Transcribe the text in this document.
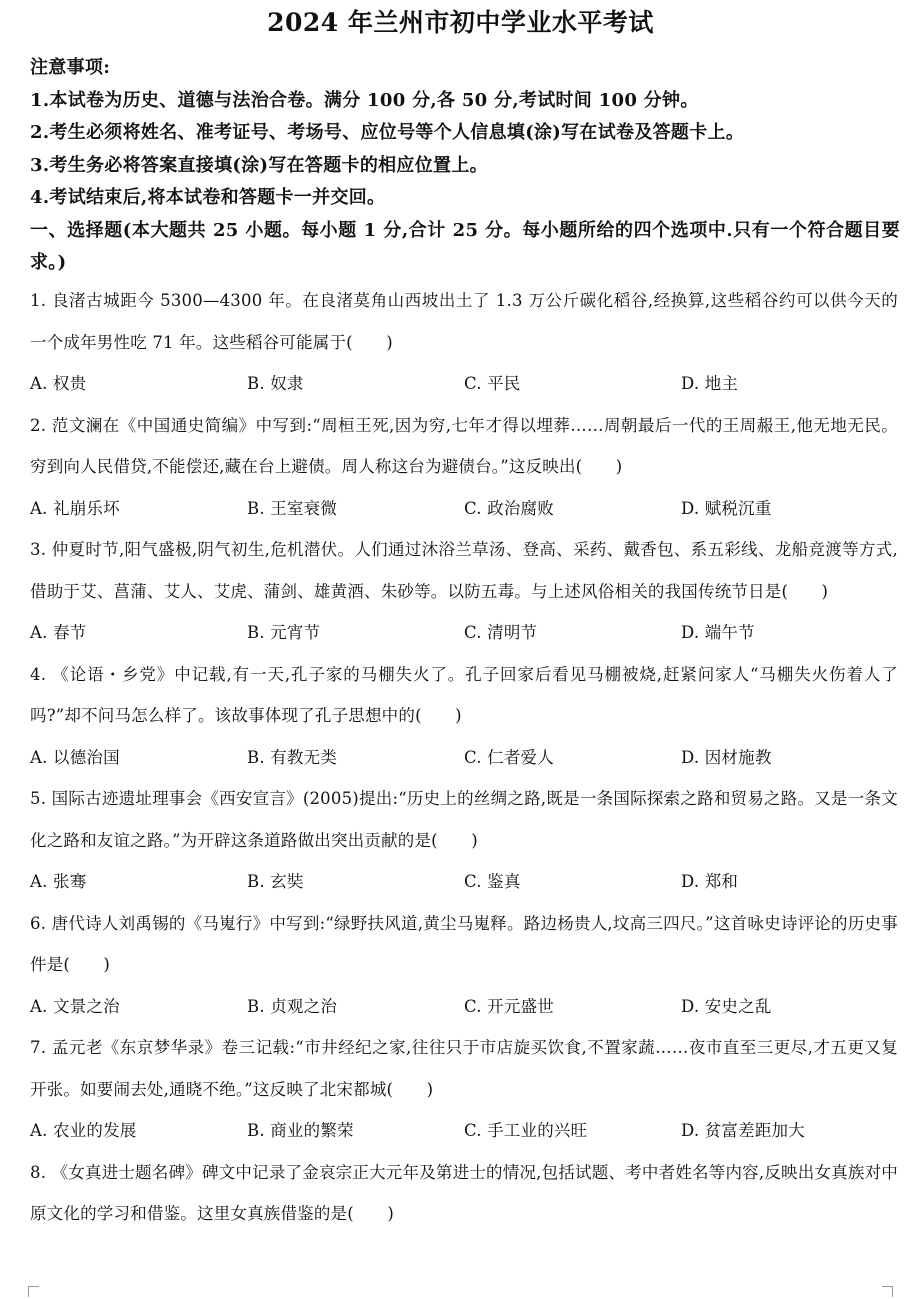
2024 年兰州市初中学业水平考试
注意事项:
1.本试卷为历史、道德与法治合卷。满分 100 分,各 50 分,考试时间 100 分钟。
2.考生必须将姓名、准考证号、考场号、应位号等个人信息填(涂)写在试卷及答题卡上。
3.考生务必将答案直接填(涂)写在答题卡的相应位置上。
4.考试结束后,将本试卷和答题卡一并交回。
一、选择题(本大题共 25 小题。每小题 1 分,合计 25 分。每小题所给的四个选项中.只有一个符合题目要求。)
1. 良渚古城距今 5300—4300 年。在良渚莫角山西坡出土了 1.3 万公斤碳化稻谷,经换算,这些稻谷约可以供今天的一个成年男性吃 71 年。这些稻谷可能属于(　　)
A. 权贵	B. 奴隶	C. 平民	D. 地主
2. 范文澜在《中国通史简编》中写到:“周桓王死,因为穷,七年才得以埋葬……周朝最后一代的王周赧王,他无地无民。穷到向人民借贷,不能偿还,藏在台上避债。周人称这台为避债台。”这反映出(　　)
A. 礼崩乐坏	B. 王室衰微	C. 政治腐败	D. 赋税沉重
3. 仲夏时节,阳气盛极,阴气初生,危机潜伏。人们通过沐浴兰草汤、登高、采药、戴香包、系五彩线、龙船竞渡等方式,借助于艾、菖蒲、艾人、艾虎、蒲剑、雄黄酒、朱砂等。以防五毒。与上述风俗相关的我国传统节日是(　　)
A. 春节	B. 元宵节	C. 清明节	D. 端午节
4. 《论语・乡党》中记载,有一天,孔子家的马棚失火了。孔子回家后看见马棚被烧,赶紧问家人“马棚失火伤着人了吗?”却不问马怎么样了。该故事体现了孔子思想中的(　　)
A. 以德治国	B. 有教无类	C. 仁者爱人	D. 因材施教
5. 国际古迹遗址理事会《西安宣言》(2005)提出:“历史上的丝绸之路,既是一条国际探索之路和贸易之路。又是一条文化之路和友谊之路。”为开辟这条道路做出突出贡献的是(　　)
A. 张骞	B. 玄奘	C. 鉴真	D. 郑和
6. 唐代诗人刘禹锡的《马嵬行》中写到:“绿野扶风道,黄尘马嵬释。路边杨贵人,坟高三四尺。”这首咏史诗评论的历史事件是(　　)
A. 文景之治	B. 贞观之治	C. 开元盛世	D. 安史之乱
7. 孟元老《东京梦华录》卷三记载:“市井经纪之家,往往只于市店旋买饮食,不置家蔬……夜市直至三更尽,才五更又复开张。如要闹去处,通晓不绝。”这反映了北宋都城(　　)
A. 农业的发展	B. 商业的繁荣	C. 手工业的兴旺	D. 贫富差距加大
8. 《女真进士题名碑》碑文中记录了金哀宗正大元年及第进士的情况,包括试题、考中者姓名等内容,反映出女真族对中原文化的学习和借鉴。这里女真族借鉴的是(　　)
